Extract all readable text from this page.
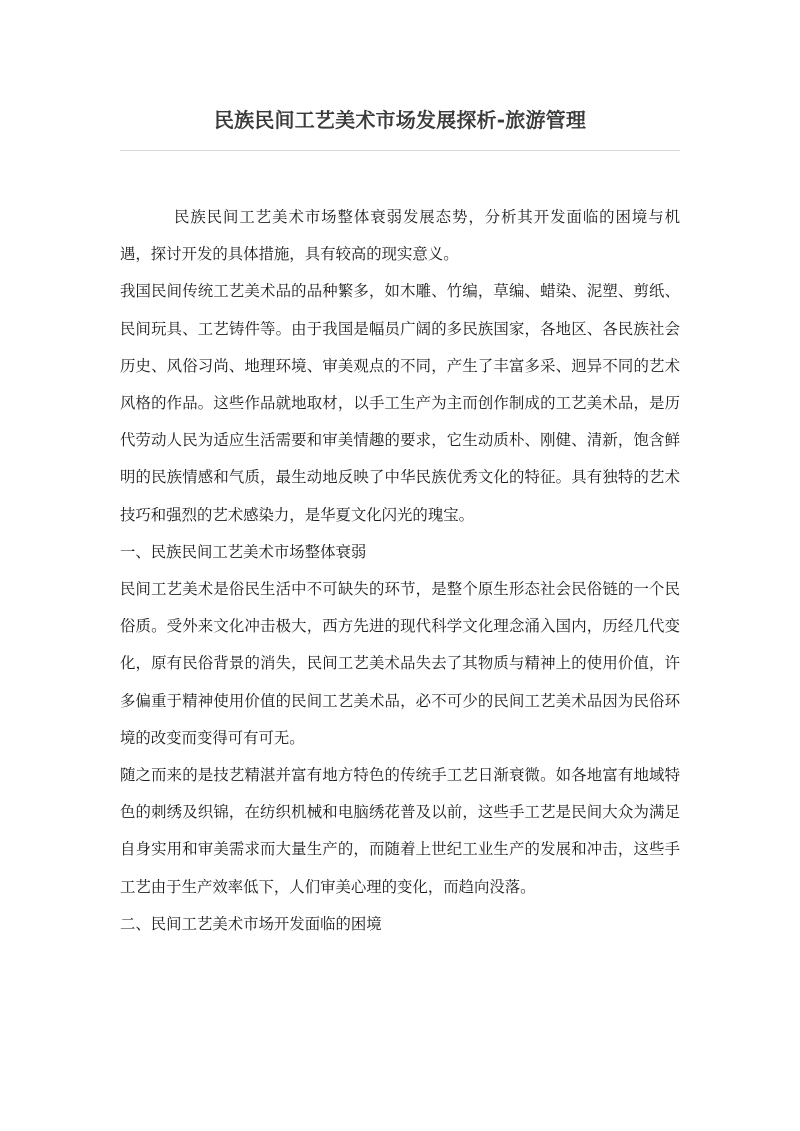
民族民间工艺美术市场发展探析-旅游管理

民族民间工艺美术市场整体衰弱发展态势，分析其开发面临的困境与机遇，探讨开发的具体措施，具有较高的现实意义。

我国民间传统工艺美术品的品种繁多，如木雕、竹编，草编、蜡染、泥塑、剪纸、民间玩具、工艺铸件等。由于我国是幅员广阔的多民族国家，各地区、各民族社会历史、风俗习尚、地理环境、审美观点的不同，产生了丰富多采、迥异不同的艺术风格的作品。这些作品就地取材，以手工生产为主而创作制成的工艺美术品，是历代劳动人民为适应生活需要和审美情趣的要求，它生动质朴、刚健、清新，饱含鲜明的民族情感和气质，最生动地反映了中华民族优秀文化的特征。具有独特的艺术技巧和强烈的艺术感染力，是华夏文化闪光的瑰宝。

一、民族民间工艺美术市场整体衰弱

民间工艺美术是俗民生活中不可缺失的环节，是整个原生形态社会民俗链的一个民俗质。受外来文化冲击极大，西方先进的现代科学文化理念涌入国内，历经几代变化，原有民俗背景的消失，民间工艺美术品失去了其物质与精神上的使用价值，许多偏重于精神使用价值的民间工艺美术品，必不可少的民间工艺美术品因为民俗环境的改变而变得可有可无。

随之而来的是技艺精湛并富有地方特色的传统手工艺日渐衰微。如各地富有地域特色的刺绣及织锦，在纺织机械和电脑绣花普及以前，这些手工艺是民间大众为满足自身实用和审美需求而大量生产的，而随着上世纪工业生产的发展和冲击，这些手工艺由于生产效率低下，人们审美心理的变化，而趋向没落。

二、民间工艺美术市场开发面临的困境
